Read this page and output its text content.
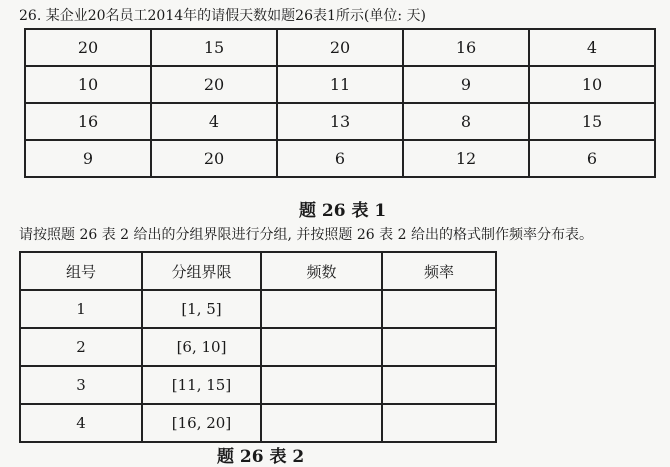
26. 某企业20名员工2014年的请假天数如题26表1所示(单位: 天)
20	15	20	16	4
10	20	11	9	10
16	4	13	8	15
9	20	6	12	6
题 26 表 1
请按照题 26 表 2 给出的分组界限进行分组, 并按照题 26 表 2 给出的格式制作频率分布表。
组号	分组界限	频数	频率
1	[1, 5]		
2	[6, 10]		
3	[11, 15]		
4	[16, 20]		
题 26 表 2
